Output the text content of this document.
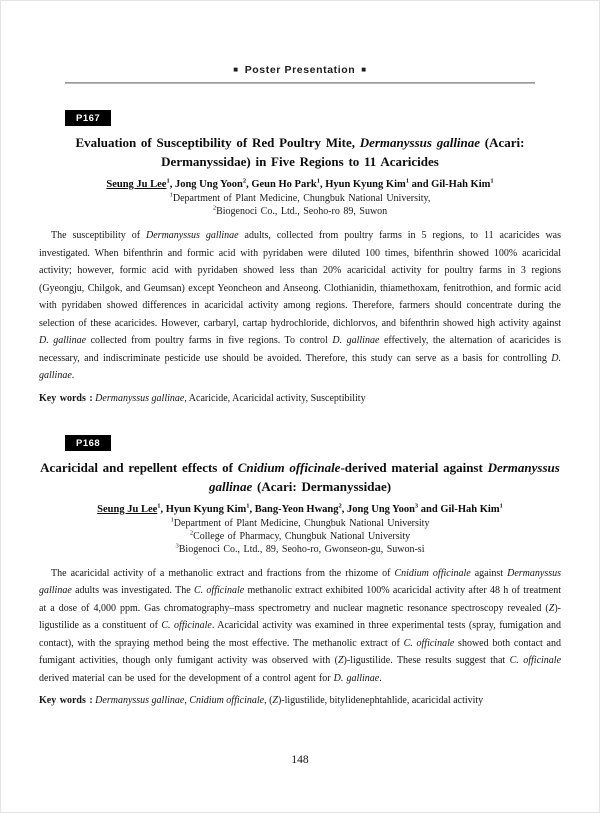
■ Poster Presentation ■
P167
Evaluation of Susceptibility of Red Poultry Mite, Dermanyssus gallinae (Acari: Dermanyssidae) in Five Regions to 11 Acaricides
Seung Ju Lee$^1$, Jong Ung Yoon$^2$, Geun Ho Park$^1$, Hyun Kyung Kim$^1$ and Gil-Hah Kim$^1$
$^1$Department of Plant Medicine, Chungbuk National University,
$^2$Biogenoci Co., Ltd., Seoho-ro 89, Suwon

The susceptibility of Dermanyssus gallinae adults, collected from poultry farms in 5 regions, to 11 acaricides was investigated. When bifenthrin and formic acid with pyridaben were diluted 100 times, bifenthrin showed 100% acaricidal activity; however, formic acid with pyridaben showed less than 20% acaricidal activity for poultry farms in 3 regions (Gyeongju, Chilgok, and Geumsan) except Yeoncheon and Anseong. Clothianidin, thiamethoxam, fenitrothion, and formic acid with pyridaben showed differences in acaricidal activity among regions. Therefore, farmers should concentrate during the selection of these acaricides. However, carbaryl, cartap hydrochloride, dichlorvos, and bifenthrin showed high activity against D. gallinae collected from poultry farms in five regions. To control D. gallinae effectively, the alternation of acaricides is necessary, and indiscriminate pesticide use should be avoided. Therefore, this study can serve as a basis for controlling D. gallinae.

Key words : Dermanyssus gallinae, Acaricide, Acaricidal activity, Susceptibility

P168
Acaricidal and repellent effects of Cnidium officinale-derived material against Dermanyssus gallinae (Acari: Dermanyssidae)
Seung Ju Lee$^1$, Hyun Kyung Kim$^1$, Bang-Yeon Hwang$^2$, Jong Ung Yoon$^3$ and Gil-Hah Kim$^1$
$^1$Department of Plant Medicine, Chungbuk National University
$^2$College of Pharmacy, Chungbuk National University
$^3$Biogenoci Co., Ltd., 89, Seoho-ro, Gwonseon-gu, Suwon-si

The acaricidal activity of a methanolic extract and fractions from the rhizome of Cnidium officinale against Dermanyssus gallinae adults was investigated. The C. officinale methanolic extract exhibited 100% acaricidal activity after 48 h of treatment at a dose of 4,000 ppm. Gas chromatography–mass spectrometry and nuclear magnetic resonance spectroscopy revealed (Z)-ligustilide as a constituent of C. officinale. Acaricidal activity was examined in three experimental tests (spray, fumigation and contact), with the spraying method being the most effective. The methanolic extract of C. officinale showed both contact and fumigant activities, though only fumigant activity was observed with (Z)-ligustilide. These results suggest that C. officinale derived material can be used for the development of a control agent for D. gallinae.

Key words : Dermanyssus gallinae, Cnidium officinale, (Z)-ligustilide, bitylidenephtahlide, acaricidal activity

148
